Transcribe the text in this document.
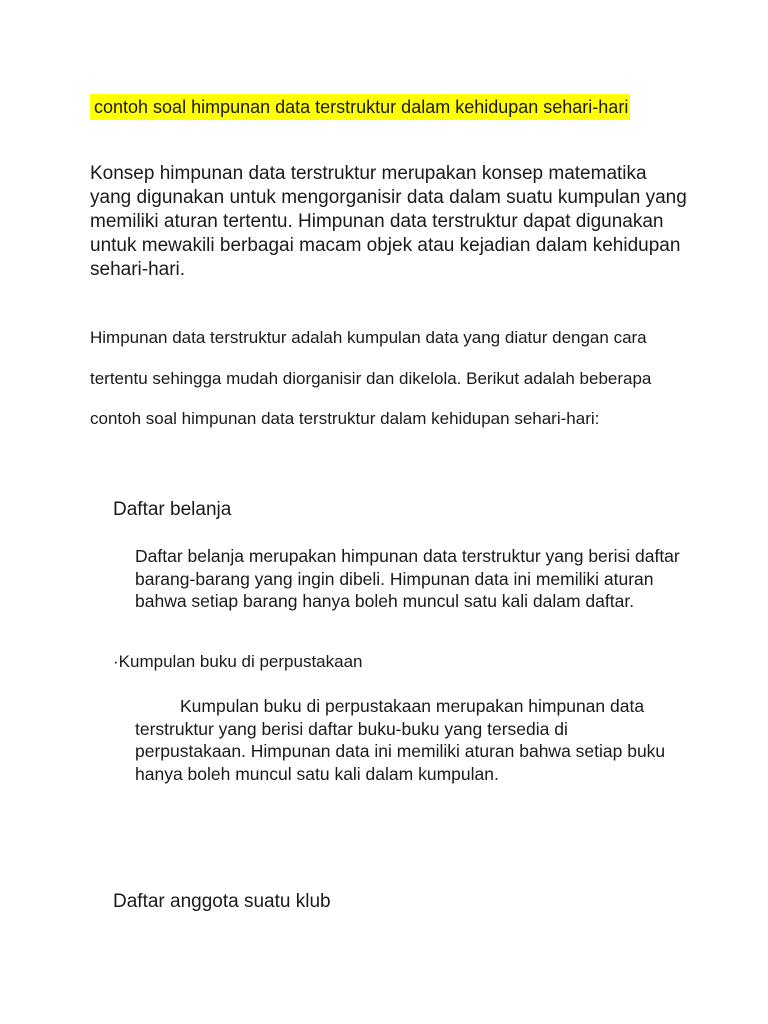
contoh soal himpunan data terstruktur dalam kehidupan sehari-hari

Konsep himpunan data terstruktur merupakan konsep matematika yang digunakan untuk mengorganisir data dalam suatu kumpulan yang memiliki aturan tertentu. Himpunan data terstruktur dapat digunakan untuk mewakili berbagai macam objek atau kejadian dalam kehidupan sehari-hari.

Himpunan data terstruktur adalah kumpulan data yang diatur dengan cara tertentu sehingga mudah diorganisir dan dikelola. Berikut adalah beberapa contoh soal himpunan data terstruktur dalam kehidupan sehari-hari:

Daftar belanja

Daftar belanja merupakan himpunan data terstruktur yang berisi daftar barang-barang yang ingin dibeli. Himpunan data ini memiliki aturan bahwa setiap barang hanya boleh muncul satu kali dalam daftar.

·Kumpulan buku di perpustakaan

Kumpulan buku di perpustakaan merupakan himpunan data terstruktur yang berisi daftar buku-buku yang tersedia di perpustakaan. Himpunan data ini memiliki aturan bahwa setiap buku hanya boleh muncul satu kali dalam kumpulan.

Daftar anggota suatu klub
